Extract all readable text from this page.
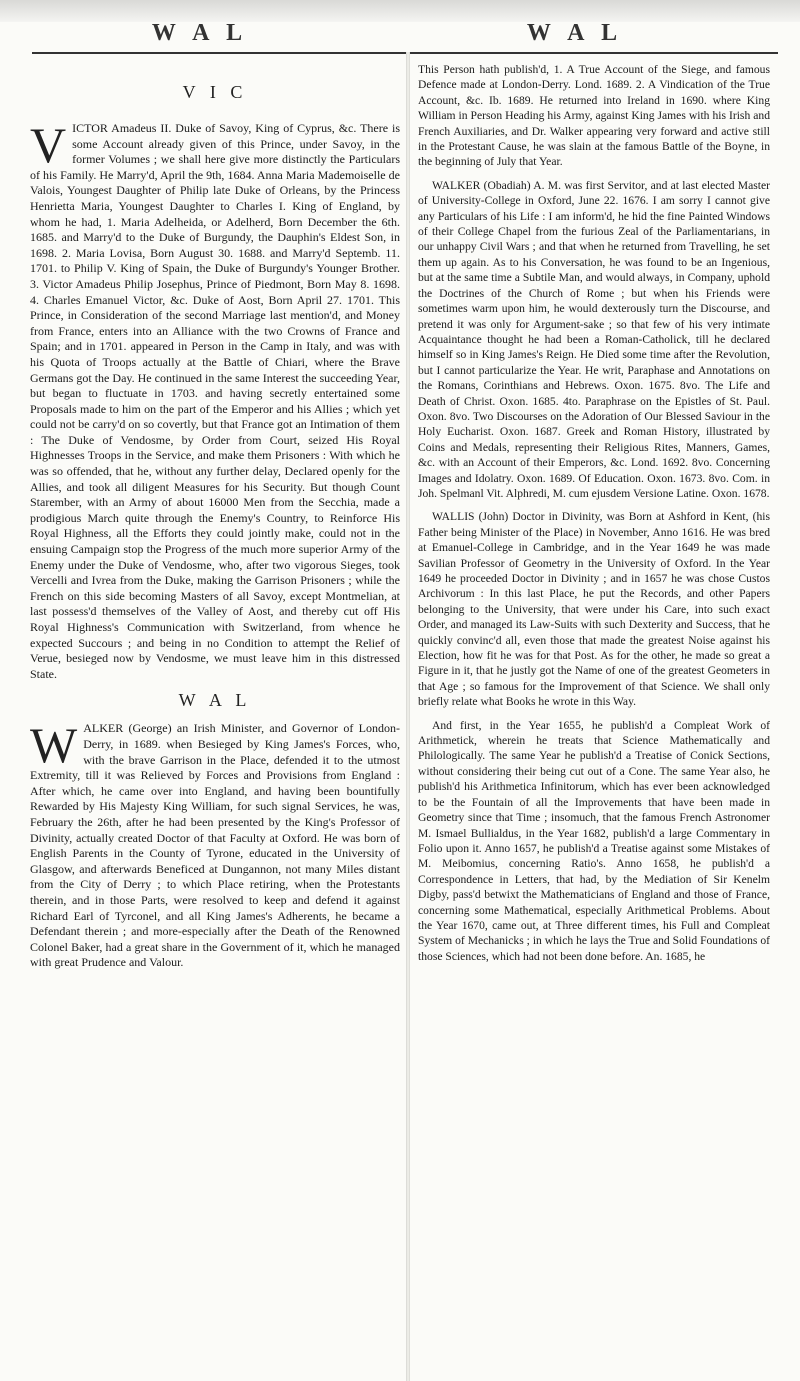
W A L	W A L
V I C

VICTOR Amadeus II. Duke of Savoy, King of Cyprus, &c. There is some Account already given of this Prince, under Savoy, in the former Volumes ; we shall here give more distinctly the Particulars of his Family. He Marry'd, April the 9th, 1684. Anna Maria Mademoiselle de Valois, Youngest Daughter of Philip late Duke of Orleans, by the Princess Henrietta Maria, Youngest Daughter to Charles I. King of England, by whom he had, 1. Maria Adelheida, or Adelherd, Born December the 6th. 1685. and Marry'd to the Duke of Burgundy, the Dauphin's Eldest Son, in 1698. 2. Maria Lovisa, Born August 30. 1688. and Marry'd Septemb. 11. 1701. to Philip V. King of Spain, the Duke of Burgundy's Younger Brother. 3. Victor Amadeus Philip Josephus, Prince of Piedmont, Born May 8. 1698. 4. Charles Emanuel Victor, &c. Duke of Aost, Born April 27. 1701. This Prince, in Consideration of the second Marriage last mention'd, and Money from France, enters into an Alliance with the two Crowns of France and Spain; and in 1701. appeared in Person in the Camp in Italy, and was with his Quota of Troops actually at the Battle of Chiari, where the Brave Germans got the Day. He continued in the same Interest the succeeding Year, but began to fluctuate in 1703. and having secretly entertained some Proposals made to him on the part of the Emperor and his Allies ; which yet could not be carry'd on so covertly, but that France got an Intimation of them : The Duke of Vendosme, by Order from Court, seized His Royal Highnesses Troops in the Service, and make them Prisoners : With which he was so offended, that he, without any further delay, Declared openly for the Allies, and took all diligent Measures for his Security. But though Count Starember, with an Army of about 16000 Men from the Secchia, made a prodigious March quite through the Enemy's Country, to Reinforce His Royal Highness, all the Efforts they could jointly make, could not in the ensuing Campaign stop the Progress of the much more superior Army of the Enemy under the Duke of Vendosme, who, after two vigorous Sieges, took Vercelli and Ivrea from the Duke, making the Garrison Prisoners ; while the French on this side becoming Masters of all Savoy, except Montmelian, at last possess'd themselves of the Valley of Aost, and thereby cut off His Royal Highness's Communication with Switzerland, from whence he expected Succours ; and being in no Condition to attempt the Relief of Verue, besieged now by Vendosme, we must leave him in this distressed State.

W A L

WALKER (George) an Irish Minister, and Governor of London-Derry, in 1689. when Besieged by King James's Forces, who, with the brave Garrison in the Place, defended it to the utmost Extremity, till it was Relieved by Forces and Provisions from England : After which, he came over into England, and having been bountifully Rewarded by His Majesty King William, for such signal Services, he was, February the 26th, after he had been presented by the King's Professor of Divinity, actually created Doctor of that Faculty at Oxford. He was born of English Parents in the County of Tyrone, educated in the University of Glasgow, and afterwards Beneficed at Dungannon, not many Miles distant from the City of Derry ; to which Place retiring, when the Protestants therein, and in those Parts, were resolved to keep and defend it against Richard Earl of Tyrconel, and all King James's Adherents, he became a Defendant therein ; and more-especially after the Death of the Renowned Colonel Baker, had a great share in the Government of it, which he managed with great Prudence and Valour.

This Person hath publish'd, 1. A True Account of the Siege, and famous Defence made at London-Derry. Lond. 1689. 2. A Vindication of the True Account, &c. Ib. 1689. He returned into Ireland in 1690. where King William in Person Heading his Army, against King James with his Irish and French Auxiliaries, and Dr. Walker appearing very forward and active still in the Protestant Cause, he was slain at the famous Battle of the Boyne, in the beginning of July that Year.

WALKER (Obadiah) A. M. was first Servitor, and at last elected Master of University-College in Oxford, June 22. 1676. I am sorry I cannot give any Particulars of his Life : I am inform'd, he hid the fine Painted Windows of their College Chapel from the furious Zeal of the Parliamentarians, in our unhappy Civil Wars ; and that when he returned from Travelling, he set them up again. As to his Conversation, he was found to be an Ingenious, but at the same time a Subtile Man, and would always, in Company, uphold the Doctrines of the Church of Rome ; but when his Friends were sometimes warm upon him, he would dexterously turn the Discourse, and pretend it was only for Argument-sake ; so that few of his very intimate Acquaintance thought he had been a Roman-Catholick, till he declared himself so in King James's Reign. He Died some time after the Revolution, but I cannot particularize the Year. He writ, Paraphase and Annotations on the Romans, Corinthians and Hebrews. Oxon. 1675. 8vo. The Life and Death of Christ. Oxon. 1685. 4to. Paraphrase on the Epistles of St. Paul. Oxon. 8vo. Two Discourses on the Adoration of Our Blessed Saviour in the Holy Eucharist. Oxon. 1687. Greek and Roman History, illustrated by Coins and Medals, representing their Religious Rites, Manners, Games, &c. with an Account of their Emperors, &c. Lond. 1692. 8vo. Concerning Images and Idolatry. Oxon. 1689. Of Education. Oxon. 1673. 8vo. Com. in Joh. Spelmanl Vit. Alphredi, M. cum ejusdem Versione Latine. Oxon. 1678.

WALLIS (John) Doctor in Divinity, was Born at Ashford in Kent, (his Father being Minister of the Place) in November, Anno 1616. He was bred at Emanuel-College in Cambridge, and in the Year 1649 he was made Savilian Professor of Geometry in the University of Oxford. In the Year 1649 he proceeded Doctor in Divinity ; and in 1657 he was chose Custos Archivorum : In this last Place, he put the Records, and other Papers belonging to the University, that were under his Care, into such exact Order, and managed its Law-Suits with such Dexterity and Success, that he quickly convinc'd all, even those that made the greatest Noise against his Election, how fit he was for that Post. As for the other, he made so great a Figure in it, that he justly got the Name of one of the greatest Geometers in that Age ; so famous for the Improvement of that Science. We shall only briefly relate what Books he wrote in this Way.

And first, in the Year 1655, he publish'd a Compleat Work of Arithmetick, wherein he treats that Science Mathematically and Philologically. The same Year he publish'd a Treatise of Conick Sections, without considering their being cut out of a Cone. The same Year also, he publish'd his Arithmetica Infinitorum, which has ever been acknowledged to be the Fountain of all the Improvements that have been made in Geometry since that Time ; insomuch, that the famous French Astronomer M. Ismael Bullialdus, in the Year 1682, publish'd a large Commentary in Folio upon it. Anno 1657, he publish'd a Treatise against some Mistakes of M. Meibomius, concerning Ratio's. Anno 1658, he publish'd a Correspondence in Letters, that had, by the Mediation of Sir Kenelm Digby, pass'd betwixt the Mathematicians of England and those of France, concerning some Mathematical, especially Arithmetical Problems. About the Year 1670, came out, at Three different times, his Full and Compleat System of Mechanicks ; in which he lays the True and Solid Foundations of those Sciences, which had not been done before. An. 1685, he
